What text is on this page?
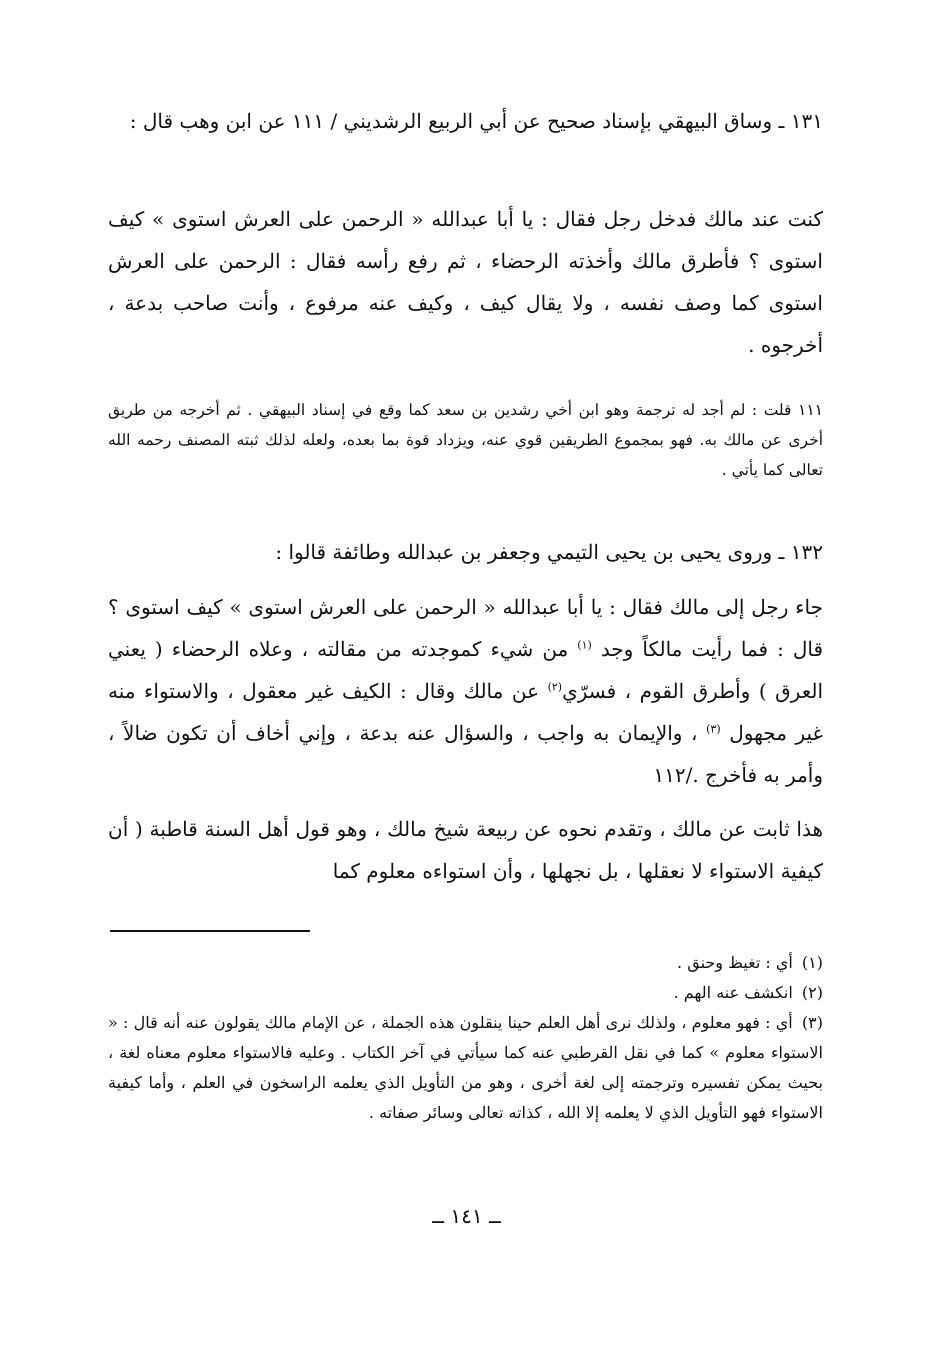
١٣١ ـ وساق البيهقي بإسناد صحيح عن أبي الربيع الرشديني / ١١١ عن ابن وهب قال :

كنت عند مالك فدخل رجل فقال : يا أبا عبدالله « الرحمن على العرش استوى » كيف استوى ؟ فأطرق مالك وأخذته الرحضاء ، ثم رفع رأسه فقال : الرحمن على العرش استوى كما وصف نفسه ، ولا يقال كيف ، وكيف عنه مرفوع ، وأنت صاحب بدعة ، أخرجوه .

١١١ قلت : لم أجد له ترجمة وهو ابن أخي رشدين بن سعد كما وقع في إسناد البيهقي . ثم أخرجه من طريق أخرى عن مالك به. فهو بمجموع الطريقين قوي عنه، ويزداد قوة بما بعده، ولعله لذلك ثبته المصنف رحمه الله تعالى كما يأتي .

١٣٢ ـ وروى يحيى بن يحيى التيمي وجعفر بن عبدالله وطائفة قالوا :

جاء رجل إلى مالك فقال : يا أبا عبدالله « الرحمن على العرش استوى » كيف استوى ؟ قال : فما رأيت مالكاً وجد $^{(١)}$ من شيء كموجدته من مقالته ، وعلاه الرحضاء ( يعني العرق ) وأطرق القوم ، فسرّي$^{(٢)}$ عن مالك وقال : الكيف غير معقول ، والاستواء منه غير مجهول $^{(٣)}$ ، والإيمان به واجب ، والسؤال عنه بدعة ، وإني أخاف أن تكون ضالاً ، وأمر به فأخرج ./١١٢

هذا ثابت عن مالك ، وتقدم نحوه عن ربيعة شيخ مالك ، وهو قول أهل السنة قاطبة ( أن كيفية الاستواء لا نعقلها ، بل نجهلها ، وأن استواءه معلوم كما

(١) أي : تغيظ وحنق .
(٢) انكشف عنه الهم .
(٣) أي : فهو معلوم ، ولذلك نرى أهل العلم حينا ينقلون هذه الجملة ، عن الإمام مالك يقولون عنه أنه قال : « الاستواء معلوم » كما في نقل القرطبي عنه كما سيأتي في آخر الكتاب . وعليه فالاستواء معلوم معناه لغة ، بحيث يمكن تفسيره وترجمته إلى لغة أخرى ، وهو من التأويل الذي يعلمه الراسخون في العلم ، وأما كيفية الاستواء فهو التأويل الذي لا يعلمه إلا الله ، كذاته تعالى وسائر صفاته .
ــ ١٤١ ــ
